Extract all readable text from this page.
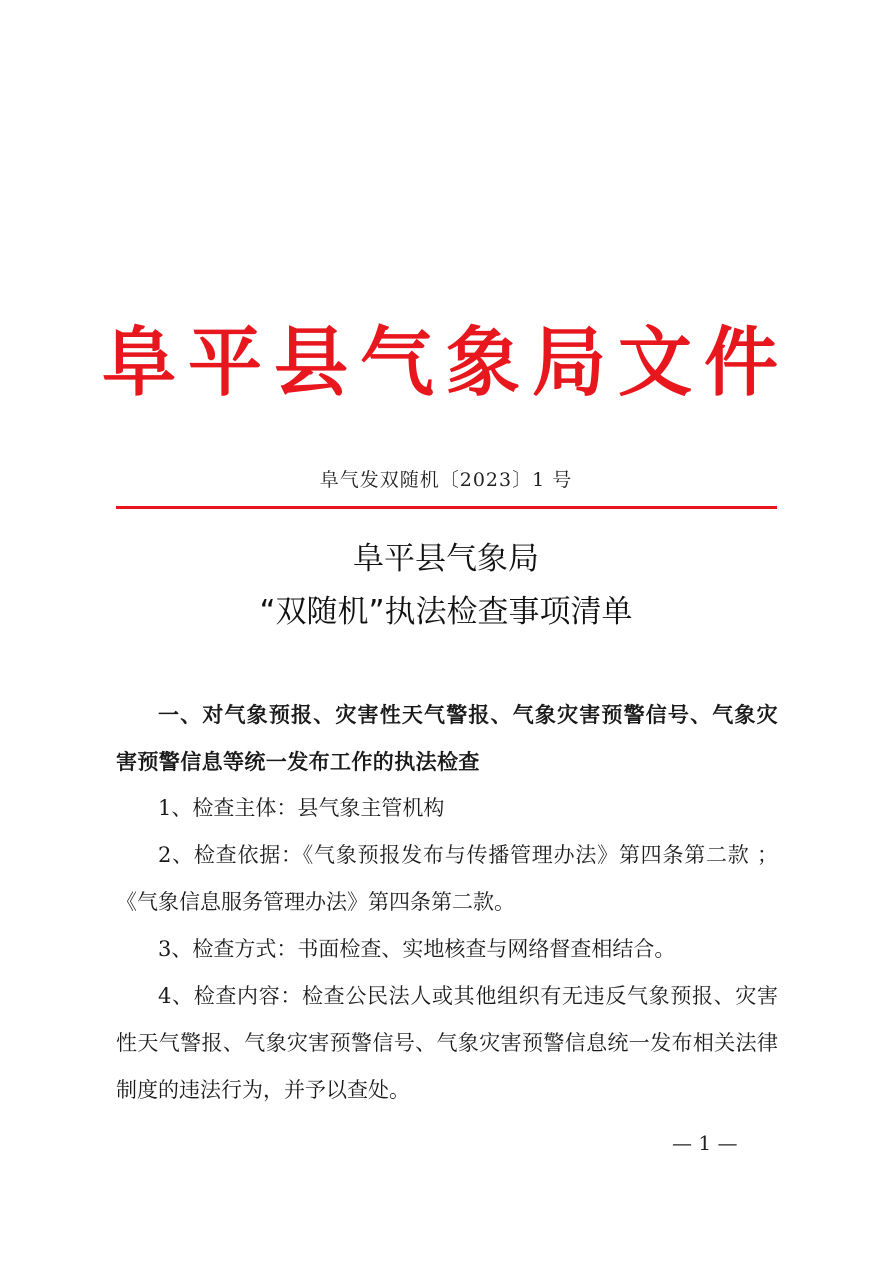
阜平县气象局文件
阜气发双随机〔2023〕1 号
阜平县气象局
“双随机”执法检查事项清单

一、对气象预报、灾害性天气警报、气象灾害预警信号、气象灾害预警信息等统一发布工作的执法检查

1、检查主体：县气象主管机构

2、检查依据：《气象预报发布与传播管理办法》第四条第二款 ；《气象信息服务管理办法》第四条第二款。

3、检查方式：书面检查、实地核查与网络督查相结合。

4、检查内容：检查公民法人或其他组织有无违反气象预报、灾害性天气警报、气象灾害预警信号、气象灾害预警信息统一发布相关法律制度的违法行为，并予以查处。

— 1 —
